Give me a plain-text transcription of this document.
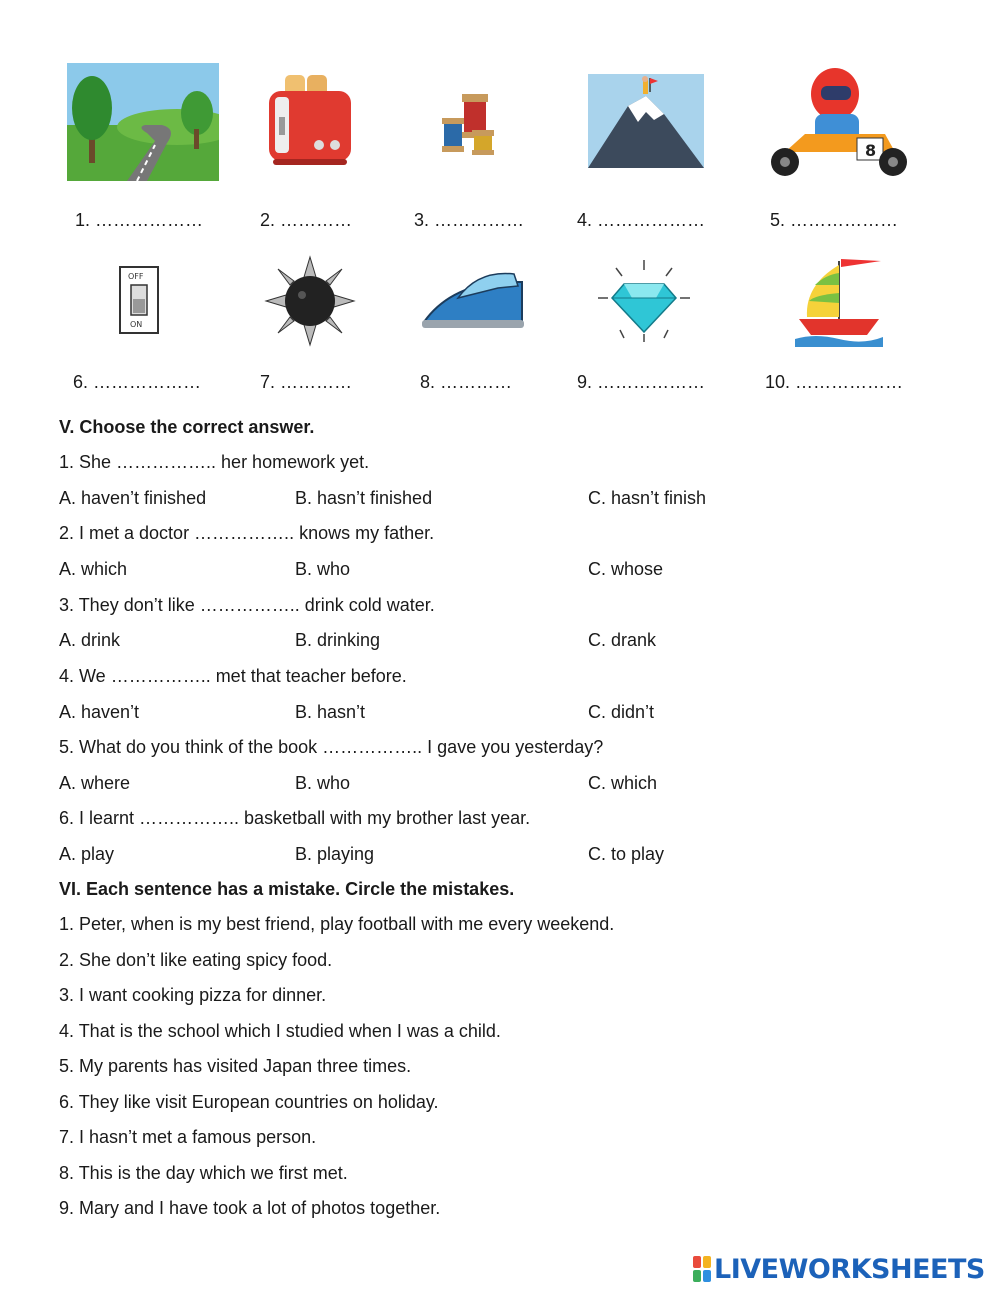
8
1. ………………	2. …………	3. ……………	4. ………………	5. ………………
OFF
ON
6. ………………	7. …………	8. …………	9. ………………	10. ………………
V. Choose the correct answer.
1. She …………….. her homework yet.
A. haven’t finished	B. hasn’t finished	C. hasn’t finish
2. I met a doctor …………….. knows my father.
A. which	B. who	C. whose
3. They don’t like …………….. drink cold water.
A. drink	B. drinking	C. drank
4. We …………….. met that teacher before.
A. haven’t	B. hasn’t	C. didn’t
5. What do you think of the book …………….. I gave you yesterday?
A. where	B. who	C. which
6. I learnt …………….. basketball with my brother last year.
A. play	B. playing	C. to play
VI. Each sentence has a mistake. Circle the mistakes.
1. Peter, when is my best friend, play football with me every weekend.
2. She don’t like eating spicy food.
3. I want cooking pizza for dinner.
4. That is the school which I studied when I was a child.
5. My parents has visited Japan three times.
6. They like visit European countries on holiday.
7. I hasn’t met a famous person.
8. This is the day which we first met.
9. Mary and I have took a lot of photos together.
LIVEWORKSHEETS
